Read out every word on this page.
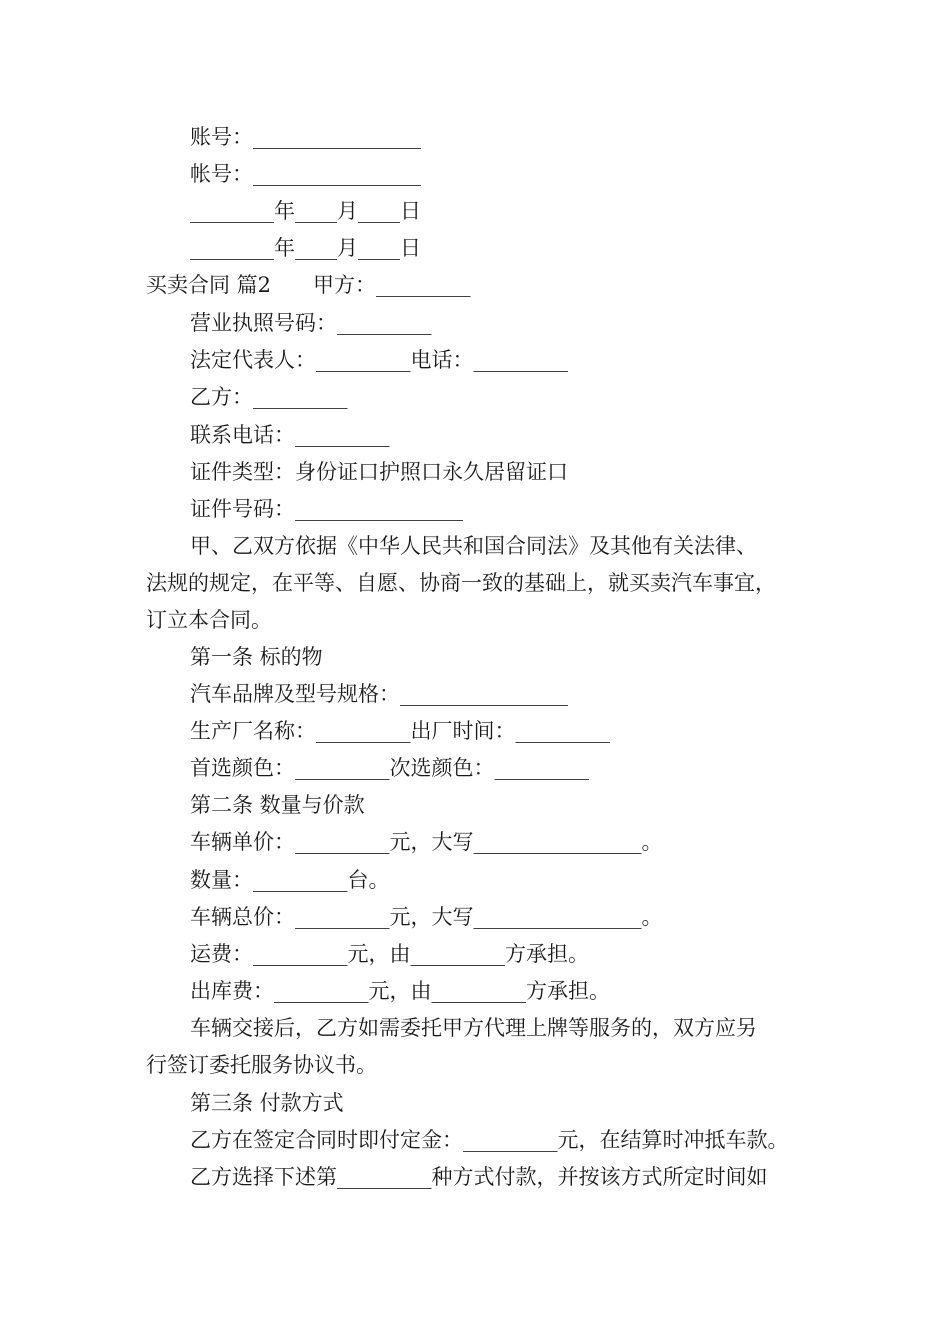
账号：________________
帐号：________________
________年____月____日
________年____月____日
买卖合同 篇2　　甲方：_________
营业执照号码：_________
法定代表人：_________电话：_________
乙方：_________
联系电话：_________
证件类型：身份证口护照口永久居留证口
证件号码：________________
甲、乙双方依据《中华人民共和国合同法》及其他有关法律、
法规的规定，在平等、自愿、协商一致的基础上，就买卖汽车事宜，
订立本合同。
第一条 标的物
汽车品牌及型号规格：________________
生产厂名称：_________出厂时间：_________
首选颜色：_________次选颜色：_________
第二条 数量与价款
车辆单价：_________元，大写________________。
数量：_________台。
车辆总价：_________元，大写________________。
运费：_________元，由_________方承担。
出库费：_________元，由_________方承担。
车辆交接后，乙方如需委托甲方代理上牌等服务的，双方应另
行签订委托服务协议书。
第三条 付款方式
乙方在签定合同时即付定金：_________元，在结算时冲抵车款。
乙方选择下述第_________种方式付款，并按该方式所定时间如
